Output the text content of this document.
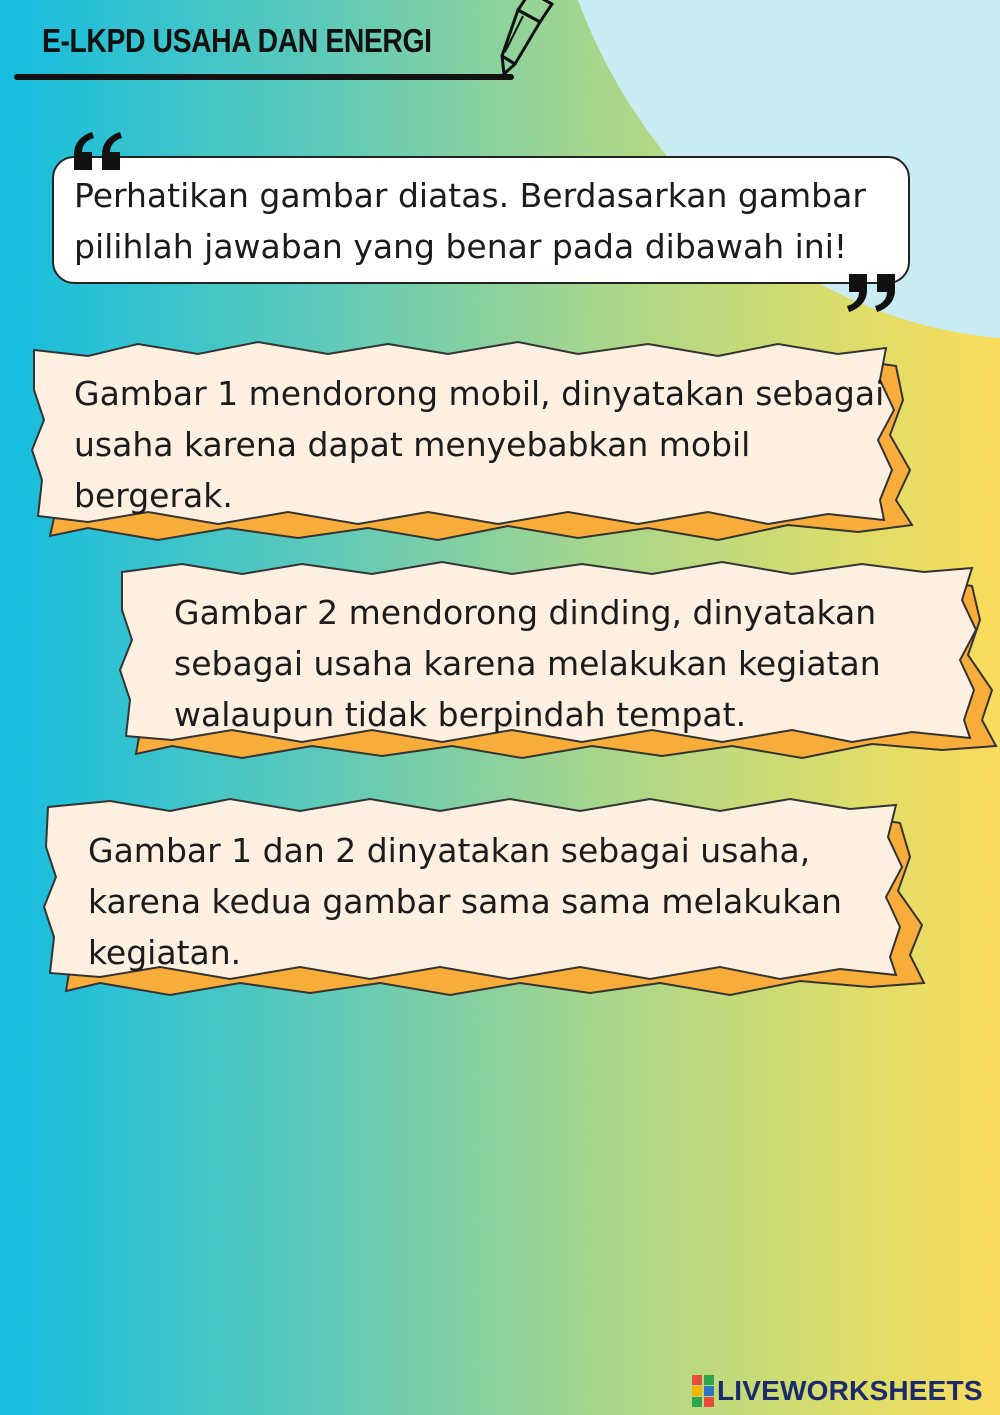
E-LKPD USAHA DAN ENERGI
Perhatikan gambar diatas. Berdasarkan gambar
pilihlah jawaban yang benar pada dibawah ini!
Gambar 1 mendorong mobil, dinyatakan sebagai
usaha karena dapat menyebabkan mobil
bergerak.
Gambar 2 mendorong dinding, dinyatakan
sebagai usaha karena melakukan kegiatan
walaupun tidak berpindah tempat.
Gambar 1 dan 2 dinyatakan sebagai usaha,
karena kedua gambar sama sama melakukan
kegiatan.
LIVEWORKSHEETS
